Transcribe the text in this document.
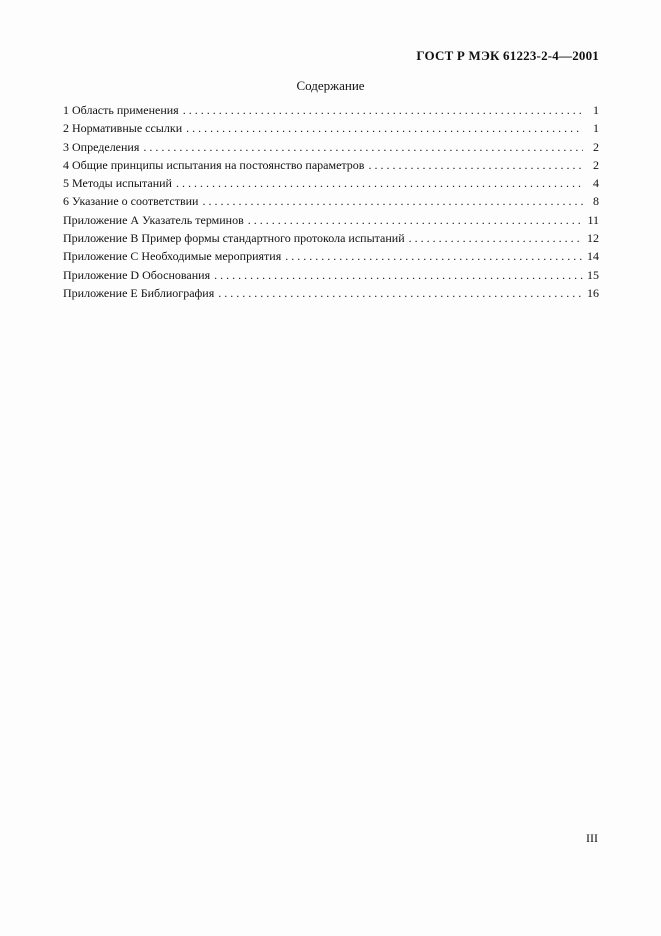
ГОСТ Р МЭК 61223-2-4—2001
Содержание
1 Область применения . . .	1
2 Нормативные ссылки . . .	1
3 Определения . . .	2
4 Общие принципы испытания на постоянство параметров . . .	2
5 Методы испытаний . . .	4
6 Указание о соответствии . . .	8
Приложение А Указатель терминов . . .	11
Приложение В Пример формы стандартного протокола испытаний . . .	12
Приложение С Необходимые мероприятия . . .	14
Приложение D Обоснования . . .	15
Приложение Е Библиография . . .	16
III
